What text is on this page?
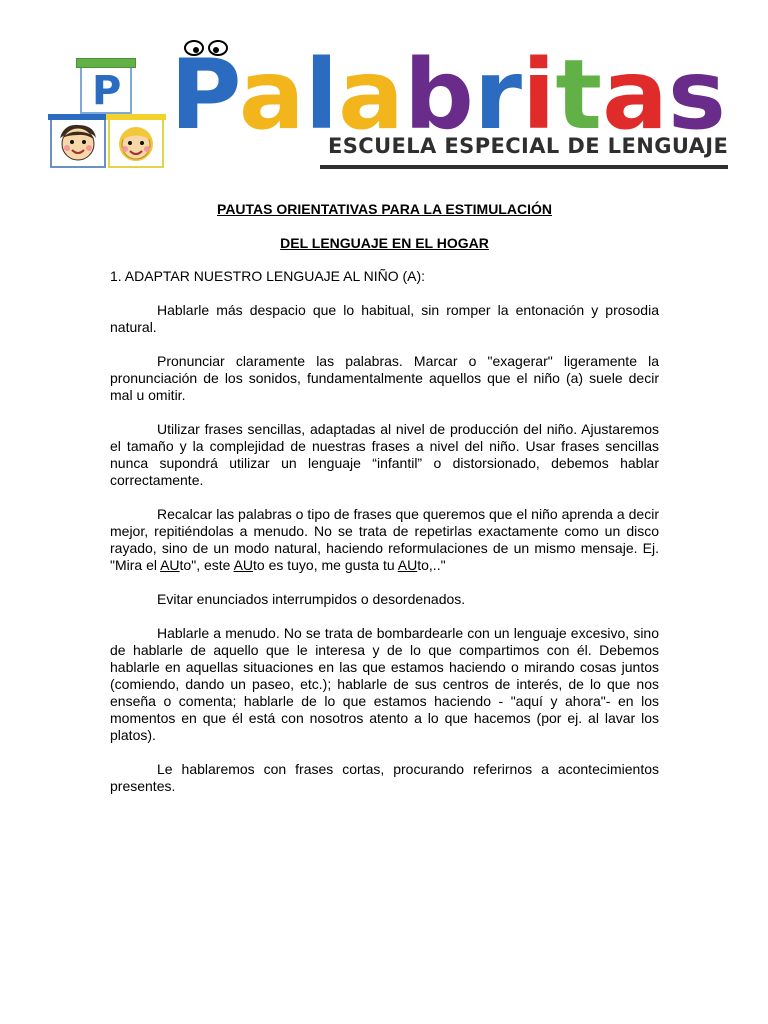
P Palabritas
ESCUELA ESPECIAL DE LENGUAJE
PAUTAS ORIENTATIVAS PARA LA ESTIMULACIÓN
DEL LENGUAJE EN EL HOGAR
1. ADAPTAR NUESTRO LENGUAJE AL NIÑO (A):

Hablarle más despacio que lo habitual, sin romper la entonación y prosodia natural.

Pronunciar claramente las palabras. Marcar o "exagerar" ligeramente la pronunciación de los sonidos, fundamentalmente aquellos que el niño (a) suele decir mal u omitir.

Utilizar frases sencillas, adaptadas al nivel de producción del niño. Ajustaremos el tamaño y la complejidad de nuestras frases a nivel del niño. Usar frases sencillas nunca supondrá utilizar un lenguaje “infantil” o distorsionado, debemos hablar correctamente.

Recalcar las palabras o tipo de frases que queremos que el niño aprenda a decir mejor, repitiéndolas a menudo. No se trata de repetirlas exactamente como un disco rayado, sino de un modo natural, haciendo reformulaciones de un mismo mensaje. Ej. "Mira el AUto", este AUto es tuyo, me gusta tu AUto,.."

Evitar enunciados interrumpidos o desordenados.

Hablarle a menudo. No se trata de bombardearle con un lenguaje excesivo, sino de hablarle de aquello que le interesa y de lo que compartimos con él. Debemos hablarle en aquellas situaciones en las que estamos haciendo o mirando cosas juntos (comiendo, dando un paseo, etc.); hablarle de sus centros de interés, de lo que nos enseña o comenta; hablarle de lo que estamos haciendo - "aquí y ahora"- en los momentos en que él está con nosotros atento a lo que hacemos (por ej. al lavar los platos).

Le hablaremos con frases cortas, procurando referirnos a acontecimientos presentes.
